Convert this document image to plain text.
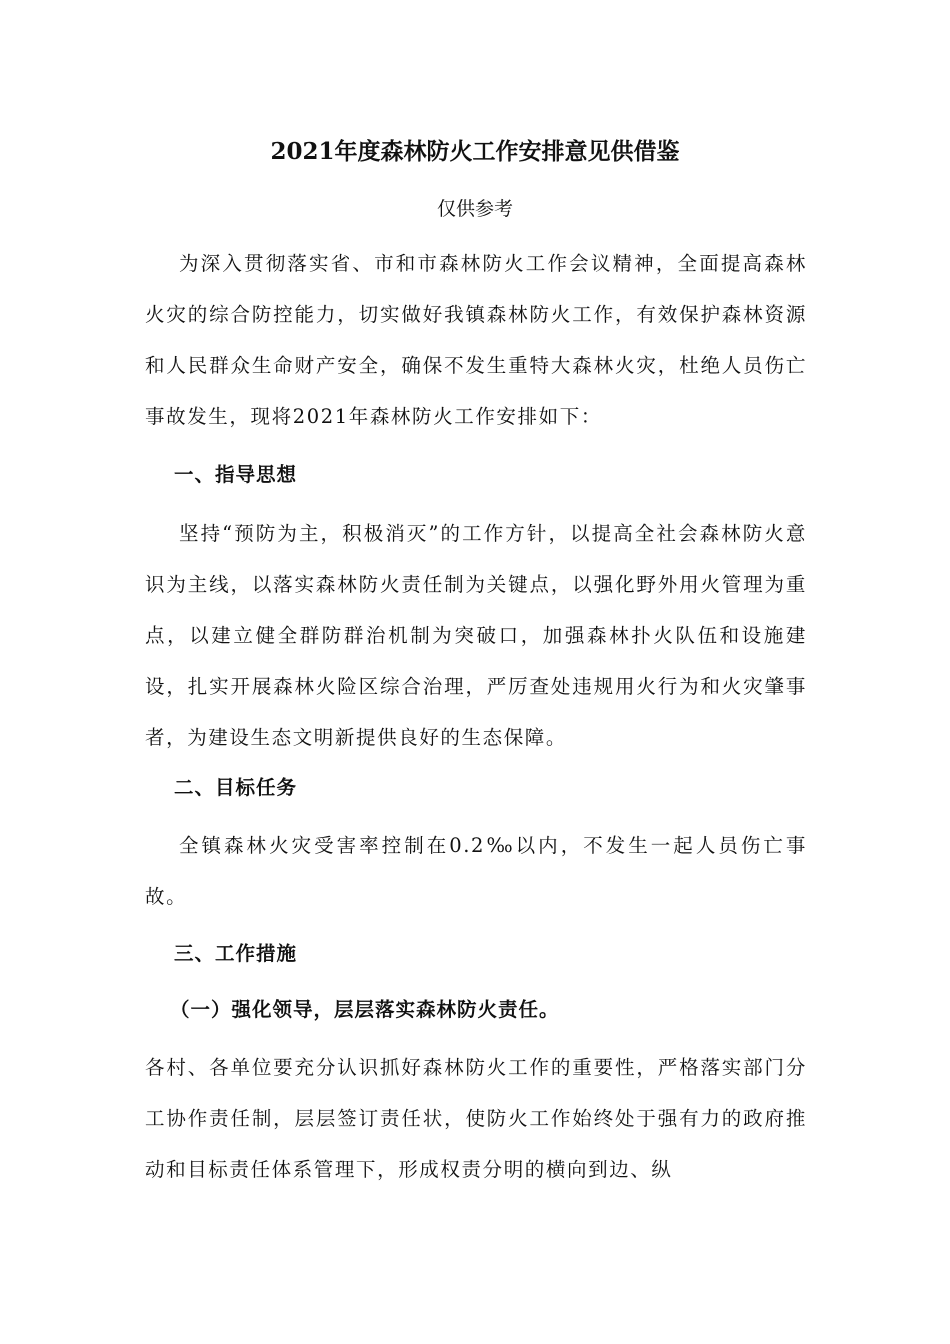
2021年度森林防火工作安排意见供借鉴

仅供参考

为深入贯彻落实省、市和市森林防火工作会议精神，全面提高森林火灾的综合防控能力，切实做好我镇森林防火工作，有效保护森林资源和人民群众生命财产安全，确保不发生重特大森林火灾，杜绝人员伤亡事故发生，现将2021年森林防火工作安排如下：

一、指导思想

坚持“预防为主，积极消灭”的工作方针，以提高全社会森林防火意识为主线，以落实森林防火责任制为关键点，以强化野外用火管理为重点，以建立健全群防群治机制为突破口，加强森林扑火队伍和设施建设，扎实开展森林火险区综合治理，严厉查处违规用火行为和火灾肇事者，为建设生态文明新提供良好的生态保障。

二、目标任务

全镇森林火灾受害率控制在0.2‰以内，不发生一起人员伤亡事故。

三、工作措施
（一）强化领导，层层落实森林防火责任。

各村、各单位要充分认识抓好森林防火工作的重要性，严格落实部门分工协作责任制，层层签订责任状，使防火工作始终处于强有力的政府推动和目标责任体系管理下，形成权责分明的横向到边、纵
